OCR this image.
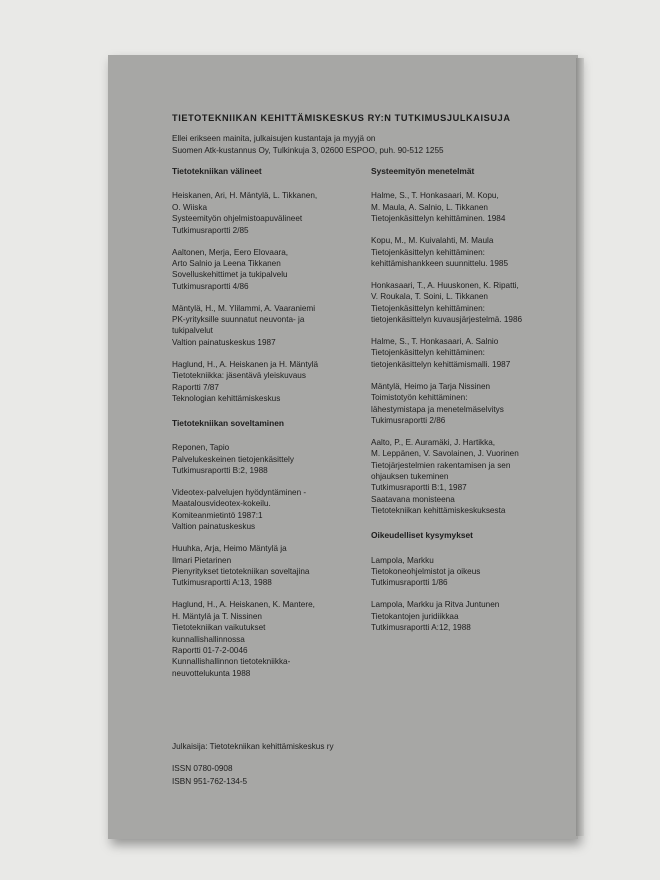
TIETOTEKNIIKAN KEHITTÄMISKESKUS RY:N TUTKIMUSJULKAISUJA
Ellei erikseen mainita, julkaisujen kustantaja ja myyjä on
Suomen Atk-kustannus Oy, Tulkinkuja 3, 02600 ESPOO, puh. 90-512 1255
Tietotekniikan välineet
Heiskanen, Ari, H. Mäntylä, L. Tikkanen,
O. Wiiska
Systeemityön ohjelmistoapuvälineet
Tutkimusraportti 2/85
Aaltonen, Merja, Eero Elovaara,
Arto Salnio ja Leena Tikkanen
Sovelluskehittimet ja tukipalvelu
Tutkimusraportti 4/86
Mäntylä, H., M. Ylilammi, A. Vaaraniemi
PK-yrityksille suunnatut neuvonta- ja
tukipalvelut
Valtion painatuskeskus 1987
Haglund, H., A. Heiskanen ja H. Mäntylä
Tietotekniikka: jäsentävä yleiskuvaus
Raportti 7/87
Teknologian kehittämiskeskus
Tietotekniikan soveltaminen
Reponen, Tapio
Palvelukeskeinen tietojenkäsittely
Tutkimusraportti B:2, 1988
Videotex-palvelujen hyödyntäminen -
Maatalousvideotex-kokeilu.
Komiteanmietintö 1987:1
Valtion painatuskeskus
Huuhka, Arja, Heimo Mäntylä ja
Ilmari Pietarinen
Pienyritykset tietotekniikan soveltajina
Tutkimusraportti A:13, 1988
Haglund, H., A. Heiskanen, K. Mantere,
H. Mäntylä ja T. Nissinen
Tietotekniikan vaikutukset
kunnallishallinnossa
Raportti 01-7-2-0046
Kunnallishallinnon tietotekniikka-
neuvottelukunta 1988
Systeemityön menetelmät
Halme, S., T. Honkasaari, M. Kopu,
M. Maula, A. Salnio, L. Tikkanen
Tietojenkäsittelyn kehittäminen. 1984
Kopu, M., M. Kuivalahti, M. Maula
Tietojenkäsittelyn kehittäminen:
kehittämishankkeen suunnittelu. 1985
Honkasaari, T., A. Huuskonen, K. Ripatti,
V. Roukala, T. Soini, L. Tikkanen
Tietojenkäsittelyn kehittäminen:
tietojenkäsittelyn kuvausjärjestelmä. 1986
Halme, S., T. Honkasaari, A. Salnio
Tietojenkäsittelyn kehittäminen:
tietojenkäsittelyn kehittämismalli. 1987
Mäntylä, Heimo ja Tarja Nissinen
Toimistotyön kehittäminen:
lähestymistapa ja menetelmäselvitys
Tukimusraportti 2/86
Aalto, P., E. Auramäki, J. Hartikka,
M. Leppänen, V. Savolainen, J. Vuorinen
Tietojärjestelmien rakentamisen ja sen
ohjauksen tukeminen
Tutkimusraportti B:1, 1987
Saatavana monisteena
Tietotekniikan kehittämiskeskuksesta
Oikeudelliset kysymykset
Lampola, Markku
Tietokoneohjelmistot ja oikeus
Tutkimusraportti 1/86
Lampola, Markku ja Ritva Juntunen
Tietokantojen juridiikkaa
Tutkimusraportti A:12, 1988
Julkaisija: Tietotekniikan kehittämiskeskus ry
ISSN 0780-0908
ISBN 951-762-134-5
